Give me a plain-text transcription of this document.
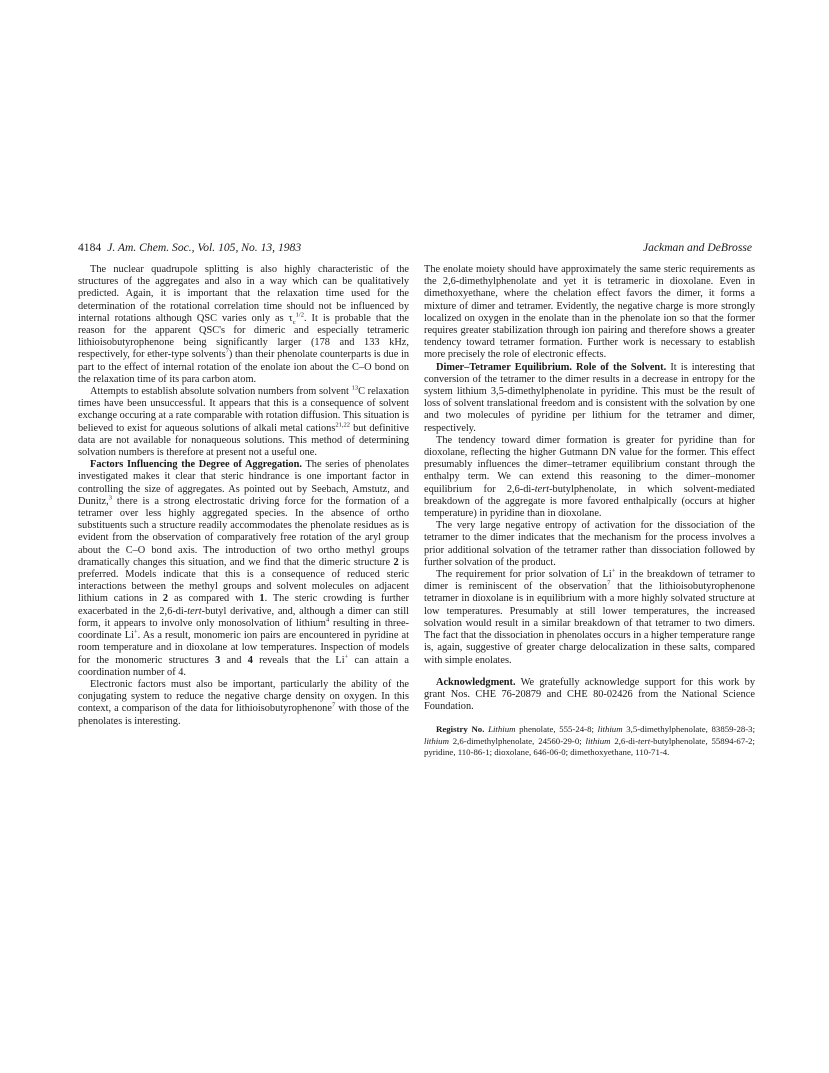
4184 J. Am. Chem. Soc., Vol. 105, No. 13, 1983	Jackman and DeBrosse

The nuclear quadrupole splitting is also highly characteristic of the structures of the aggregates and also in a way which can be qualitatively predicted. Again, it is important that the relaxation time used for the determination of the rotational correlation time should not be influenced by internal rotations although QSC varies only as $\tau_c^{1/2}$. It is probable that the reason for the apparent QSC's for dimeric and especially tetrameric lithioisobutyrophenone being significantly larger (178 and 133 kHz, respectively, for ether-type solvents$^7$) than their phenolate counterparts is due in part to the effect of internal rotation of the enolate ion about the C–O bond on the relaxation time of its para carbon atom.

Attempts to establish absolute solvation numbers from solvent $^{13}$C relaxation times have been unsuccessful. It appears that this is a consequence of solvent exchange occuring at a rate comparable with rotation diffusion. This situation is believed to exist for aqueous solutions of alkali metal cations$^{21,22}$ but definitive data are not available for nonaqueous solutions. This method of determining solvation numbers is therefore at present not a useful one.

Factors Influencing the Degree of Aggregation. The series of phenolates investigated makes it clear that steric hindrance is one important factor in controlling the size of aggregates. As pointed out by Seebach, Amstutz, and Dunitz,$^3$ there is a strong electrostatic driving force for the formation of a tetramer over less highly aggregated species. In the absence of ortho substituents such a structure readily accommodates the phenolate residues as is evident from the observation of comparatively free rotation of the aryl group about the C–O bond axis. The introduction of two ortho methyl groups dramatically changes this situation, and we find that the dimeric structure 2 is preferred. Models indicate that this is a consequence of reduced steric interactions between the methyl groups and solvent molecules on adjacent lithium cations in 2 as compared with 1. The steric crowding is further exacerbated in the 2,6-di-tert-butyl derivative, and, although a dimer can still form, it appears to involve only monosolvation of lithium$^4$ resulting in three-coordinate Li+. As a result, monomeric ion pairs are encountered in pyridine at room temperature and in dioxolane at low temperatures. Inspection of models for the monomeric structures 3 and 4 reveals that the Li+ can attain a coordination number of 4.

Electronic factors must also be important, particularly the ability of the conjugating system to reduce the negative charge density on oxygen. In this context, a comparison of the data for lithioisobutyrophenone$^7$ with those of the phenolates is interesting.

The enolate moiety should have approximately the same steric requirements as the 2,6-dimethylphenolate and yet it is tetrameric in dioxolane. Even in dimethoxyethane, where the chelation effect favors the dimer, it forms a mixture of dimer and tetramer. Evidently, the negative charge is more strongly localized on oxygen in the enolate than in the phenolate ion so that the former requires greater stabilization through ion pairing and therefore shows a greater tendency toward tetramer formation. Further work is necessary to establish more precisely the role of electronic effects.

Dimer–Tetramer Equilibrium. Role of the Solvent. It is interesting that conversion of the tetramer to the dimer results in a decrease in entropy for the system lithium 3,5-dimethylphenolate in pyridine. This must be the result of loss of solvent translational freedom and is consistent with the solvation by one and two molecules of pyridine per lithium for the tetramer and dimer, respectively.

The tendency toward dimer formation is greater for pyridine than for dioxolane, reflecting the higher Gutmann DN value for the former. This effect presumably influences the dimer–tetramer equilibrium constant through the enthalpy term. We can extend this reasoning to the dimer–monomer equilibrium for 2,6-di-tert-butylphenolate, in which solvent-mediated breakdown of the aggregate is more favored enthalpically (occurs at higher temperature) in pyridine than in dioxolane.

The very large negative entropy of activation for the dissociation of the tetramer to the dimer indicates that the mechanism for the process involves a prior additional solvation of the tetramer rather than dissociation followed by further solvation of the product.

The requirement for prior solvation of Li+ in the breakdown of tetramer to dimer is reminiscent of the observation$^7$ that the lithioisobutyrophenone tetramer in dioxolane is in equilibrium with a more highly solvated structure at low temperatures. Presumably at still lower temperatures, the increased solvation would result in a similar breakdown of that tetramer to two dimers. The fact that the dissociation in phenolates occurs in a higher temperature range is, again, suggestive of greater charge delocalization in these salts, compared with simple enolates.

Acknowledgment. We gratefully acknowledge support for this work by grant Nos. CHE 76-20879 and CHE 80-02426 from the National Science Foundation.

Registry No. Lithium phenolate, 555-24-8; lithium 3,5-dimethylphenolate, 83859-28-3; lithium 2,6-dimethylphenolate, 24560-29-0; lithium 2,6-di-tert-butylphenolate, 55894-67-2; pyridine, 110-86-1; dioxolane, 646-06-0; dimethoxyethane, 110-71-4.
